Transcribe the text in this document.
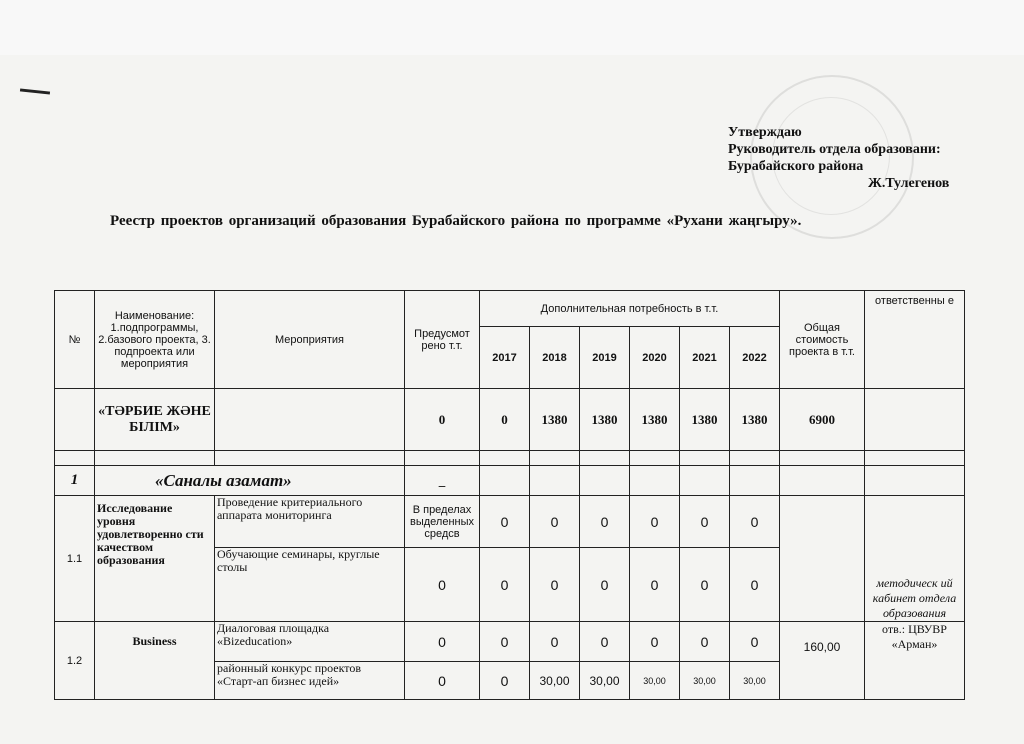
Утверждаю
Руководитель отдела образовани:
Бурабайского района
Ж.Тулегенов
Реестр проектов организаций образования Бурабайского района по программе «Рухани жаңгыру».
№	Наименование: 1.подпрограммы, 2.базового проекта, 3. подпроекта или мероприятия	Мероприятия	Предусмот рено т.т.	Дополнительная потребность в т.т.						Общая стоимость проекта в т.т.	ответственны е
				2017	2018	2019	2020	2021	2022		
	«ТӘРБИЕ ЖӘНЕ БІЛІМ»		0	0	1380	1380	1380	1380	1380	6900	

1	«Саналы азамат»		_								
1.1	Исследование уровня удовлетворенно сти качеством образования	Проведение критериального аппарата мониторинга	В пределах выделенных средсв	0	0	0	0	0	0		методическ ий кабинет отдела образования
		Обучающие семинары, круглые столы	0	0	0	0	0	0	0		
1.2	Business	Диалоговая площадка «Bizeducation»	0	0	0	0	0	0	0	160,00	отв.: ЦВУВР «Арман»
		районный конкурс проектов «Старт-ап бизнес идей»	0	0	30,00	30,00	30,00	30,00	30,00		
